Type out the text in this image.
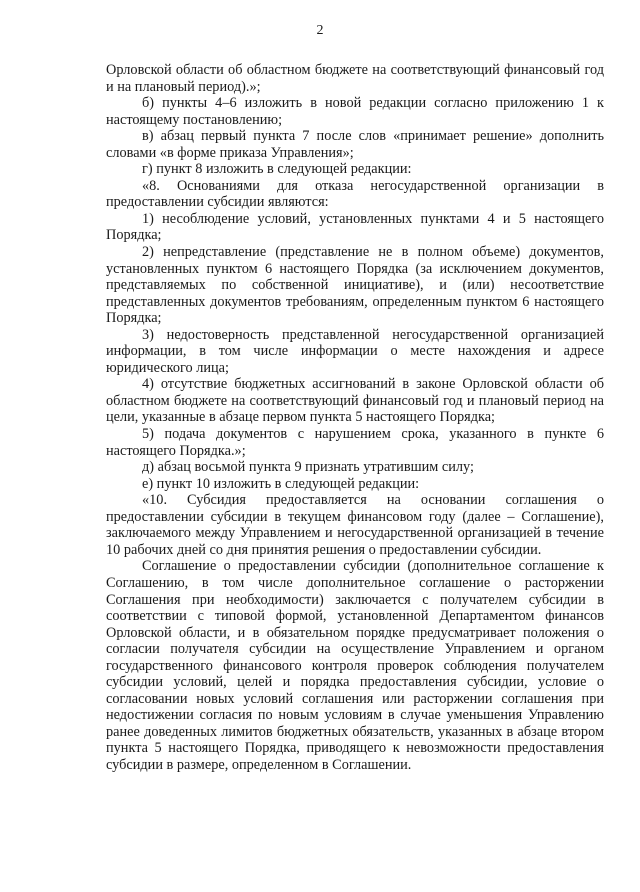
2

Орловской области об областном бюджете на соответствующий финансовый год и на плановый период).»;

б) пункты 4–6 изложить в новой редакции согласно приложению 1 к настоящему постановлению;

в) абзац первый пункта 7 после слов «принимает решение» дополнить словами «в форме приказа Управления»;

г) пункт 8 изложить в следующей редакции:

«8. Основаниями для отказа негосударственной организации в предоставлении субсидии являются:

1) несоблюдение условий, установленных пунктами 4 и 5 настоящего Порядка;

2) непредставление (представление не в полном объеме) документов, установленных пунктом 6 настоящего Порядка (за исключением документов, представляемых по собственной инициативе), и (или) несоответствие представленных документов требованиям, определенным пунктом 6 настоящего Порядка;

3) недостоверность представленной негосударственной организацией информации, в том числе информации о месте нахождения и адресе юридического лица;

4) отсутствие бюджетных ассигнований в законе Орловской области об областном бюджете на соответствующий финансовый год и плановый период на цели, указанные в абзаце первом пункта 5 настоящего Порядка;

5) подача документов с нарушением срока, указанного в пункте 6 настоящего Порядка.»;

д) абзац восьмой пункта 9 признать утратившим силу;

е) пункт 10 изложить в следующей редакции:

«10. Субсидия предоставляется на основании соглашения о предоставлении субсидии в текущем финансовом году (далее – Соглашение), заключаемого между Управлением и негосударственной организацией в течение 10 рабочих дней со дня принятия решения о предоставлении субсидии.

Соглашение о предоставлении субсидии (дополнительное соглашение к Соглашению, в том числе дополнительное соглашение о расторжении Соглашения при необходимости) заключается с получателем субсидии в соответствии с типовой формой, установленной Департаментом финансов Орловской области, и в обязательном порядке предусматривает положения о согласии получателя субсидии на осуществление Управлением и органом государственного финансового контроля проверок соблюдения получателем субсидии условий, целей и порядка предоставления субсидии, условие о согласовании новых условий соглашения или расторжении соглашения при недостижении согласия по новым условиям в случае уменьшения Управлению ранее доведенных лимитов бюджетных обязательств, указанных в абзаце втором пункта 5 настоящего Порядка, приводящего к невозможности предоставления субсидии в размере, определенном в Соглашении.
